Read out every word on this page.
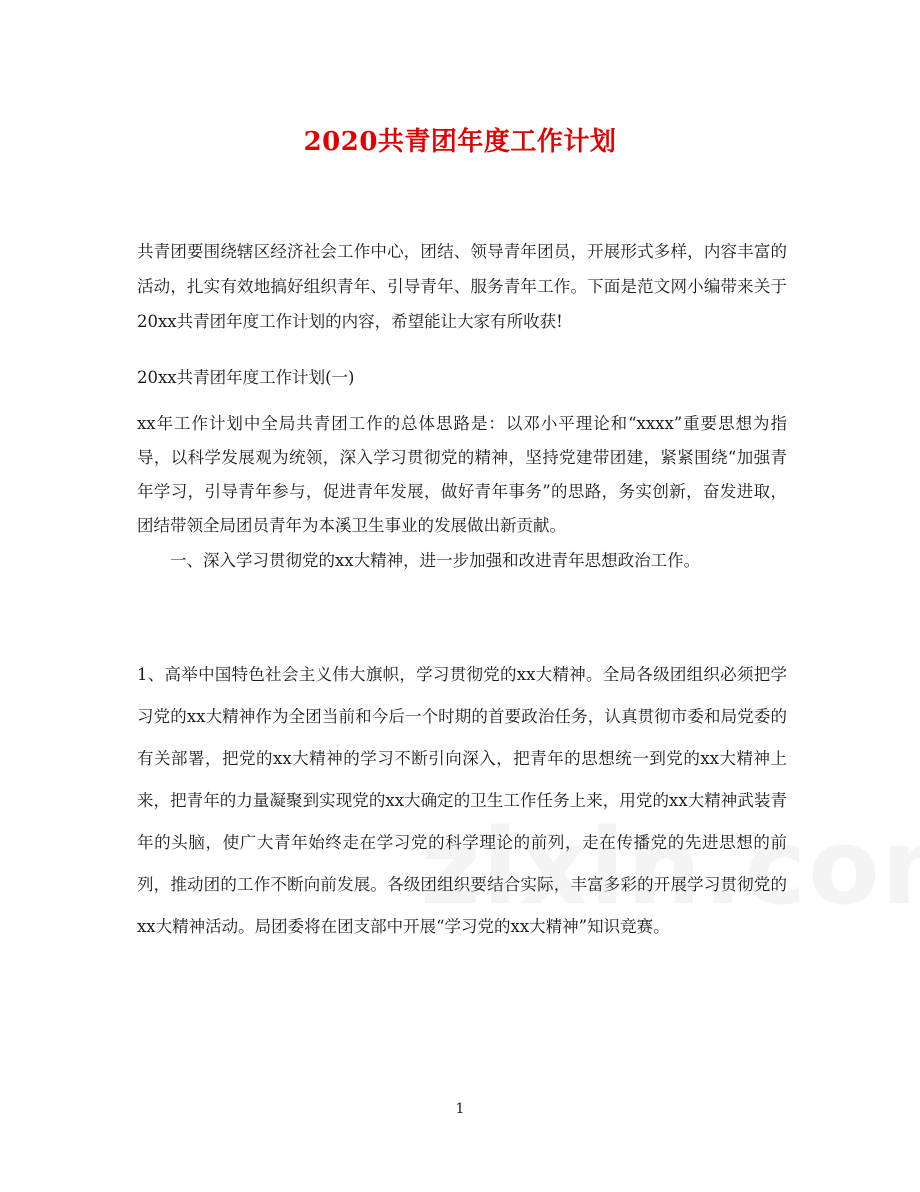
2020共青团年度工作计划
共青团要围绕辖区经济社会工作中心，团结、领导青年团员，开展形式多样，内容丰富的活动，扎实有效地搞好组织青年、引导青年、服务青年工作。下面是范文网小编带来关于20xx共青团年度工作计划的内容，希望能让大家有所收获!
20xx共青团年度工作计划(一)
xx年工作计划中全局共青团工作的总体思路是：以邓小平理论和“xxxx”重要思想为指导，以科学发展观为统领，深入学习贯彻党的精神，坚持党建带团建，紧紧围绕“加强青年学习，引导青年参与，促进青年发展，做好青年事务”的思路，务实创新，奋发进取，团结带领全局团员青年为本溪卫生事业的发展做出新贡献。
一、深入学习贯彻党的xx大精神，进一步加强和改进青年思想政治工作。
1、高举中国特色社会主义伟大旗帜，学习贯彻党的xx大精神。全局各级团组织必须把学习党的xx大精神作为全团当前和今后一个时期的首要政治任务，认真贯彻市委和局党委的有关部署，把党的xx大精神的学习不断引向深入，把青年的思想统一到党的xx大精神上来，把青年的力量凝聚到实现党的xx大确定的卫生工作任务上来，用党的xx大精神武装青年的头脑，使广大青年始终走在学习党的科学理论的前列，走在传播党的先进思想的前列，推动团的工作不断向前发展。各级团组织要结合实际，丰富多彩的开展学习贯彻党的xx大精神活动。局团委将在团支部中开展“学习党的xx大精神”知识竞赛。
1
